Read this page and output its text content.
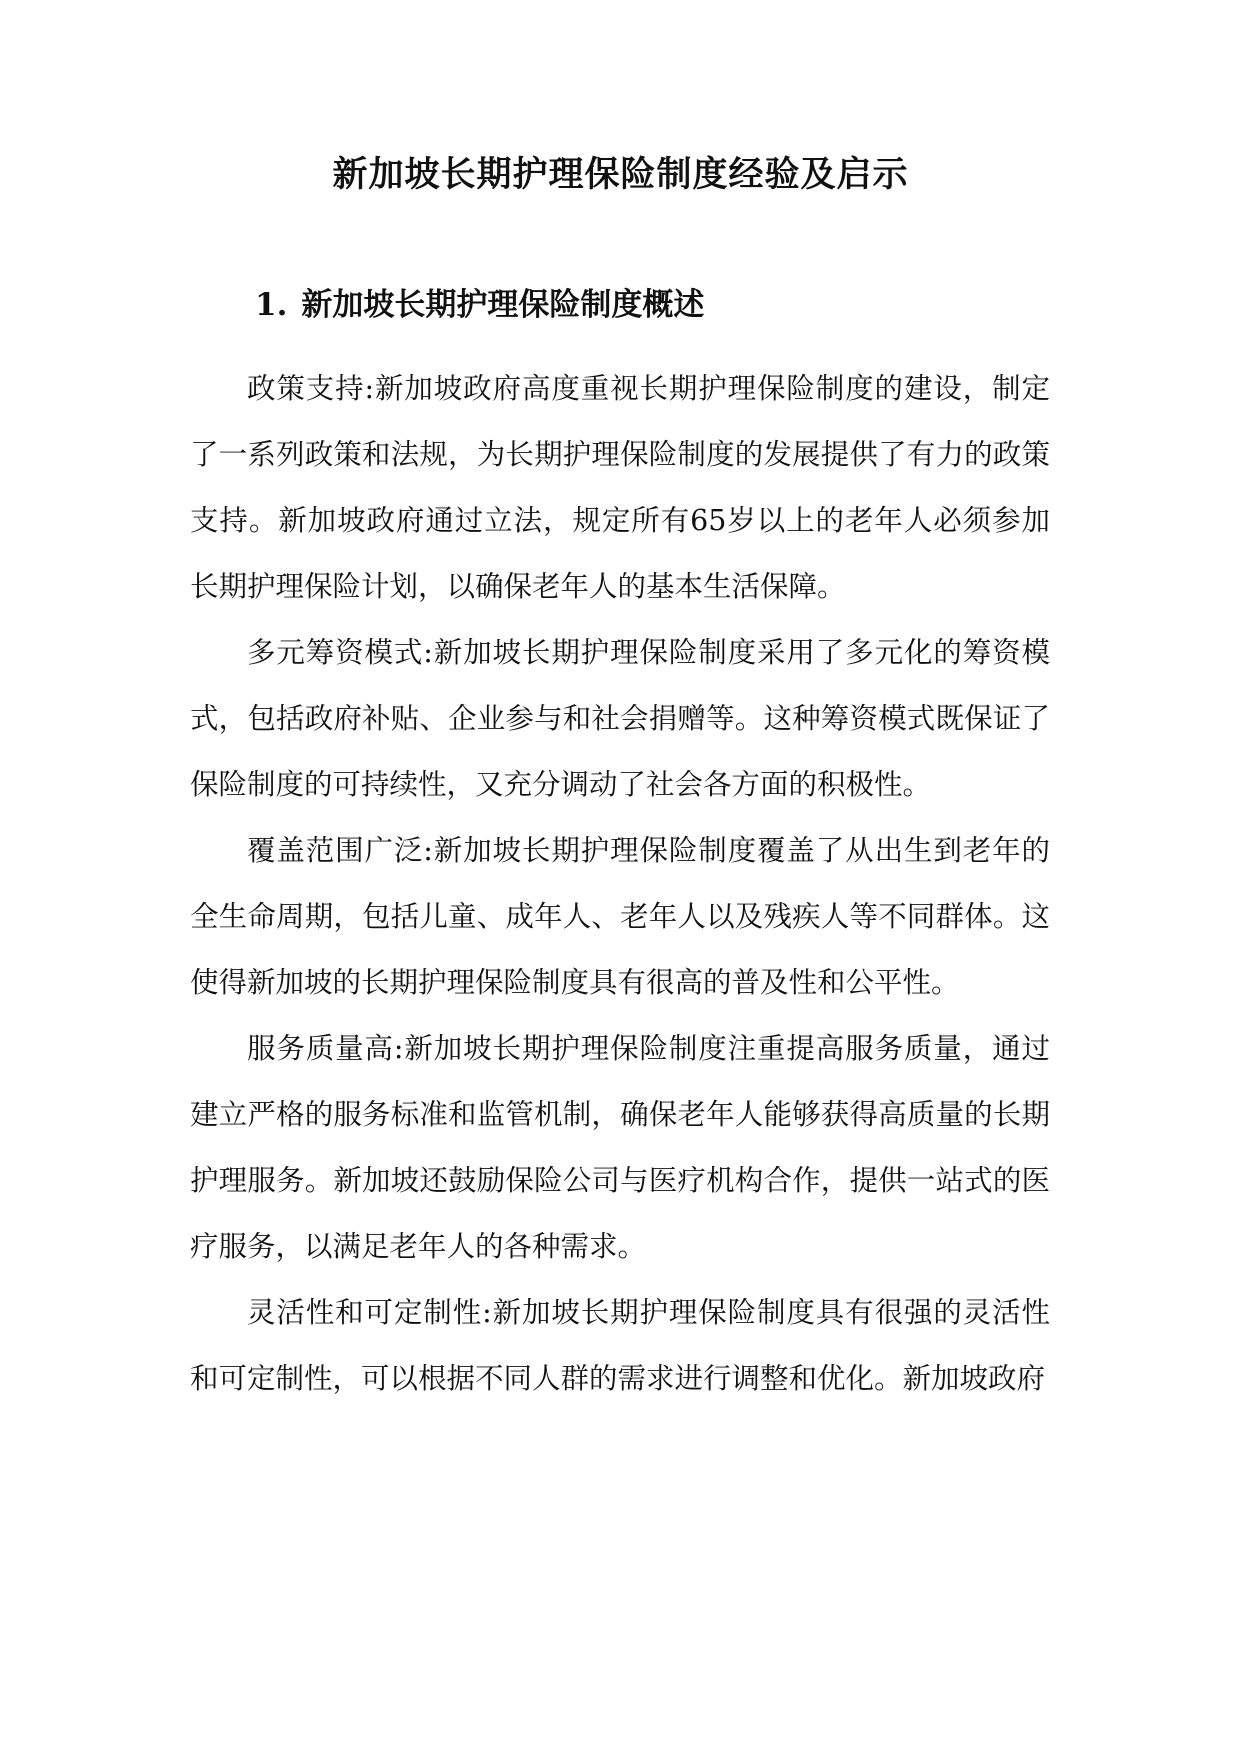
新加坡长期护理保险制度经验及启示
1. 新加坡长期护理保险制度概述

政策支持:新加坡政府高度重视长期护理保险制度的建设，制定了一系列政策和法规，为长期护理保险制度的发展提供了有力的政策支持。新加坡政府通过立法，规定所有65岁以上的老年人必须参加长期护理保险计划，以确保老年人的基本生活保障。

多元筹资模式:新加坡长期护理保险制度采用了多元化的筹资模式，包括政府补贴、企业参与和社会捐赠等。这种筹资模式既保证了保险制度的可持续性，又充分调动了社会各方面的积极性。

覆盖范围广泛:新加坡长期护理保险制度覆盖了从出生到老年的全生命周期，包括儿童、成年人、老年人以及残疾人等不同群体。这使得新加坡的长期护理保险制度具有很高的普及性和公平性。

服务质量高:新加坡长期护理保险制度注重提高服务质量，通过建立严格的服务标准和监管机制，确保老年人能够获得高质量的长期护理服务。新加坡还鼓励保险公司与医疗机构合作，提供一站式的医疗服务，以满足老年人的各种需求。

灵活性和可定制性:新加坡长期护理保险制度具有很强的灵活性和可定制性，可以根据不同人群的需求进行调整和优化。新加坡政府
